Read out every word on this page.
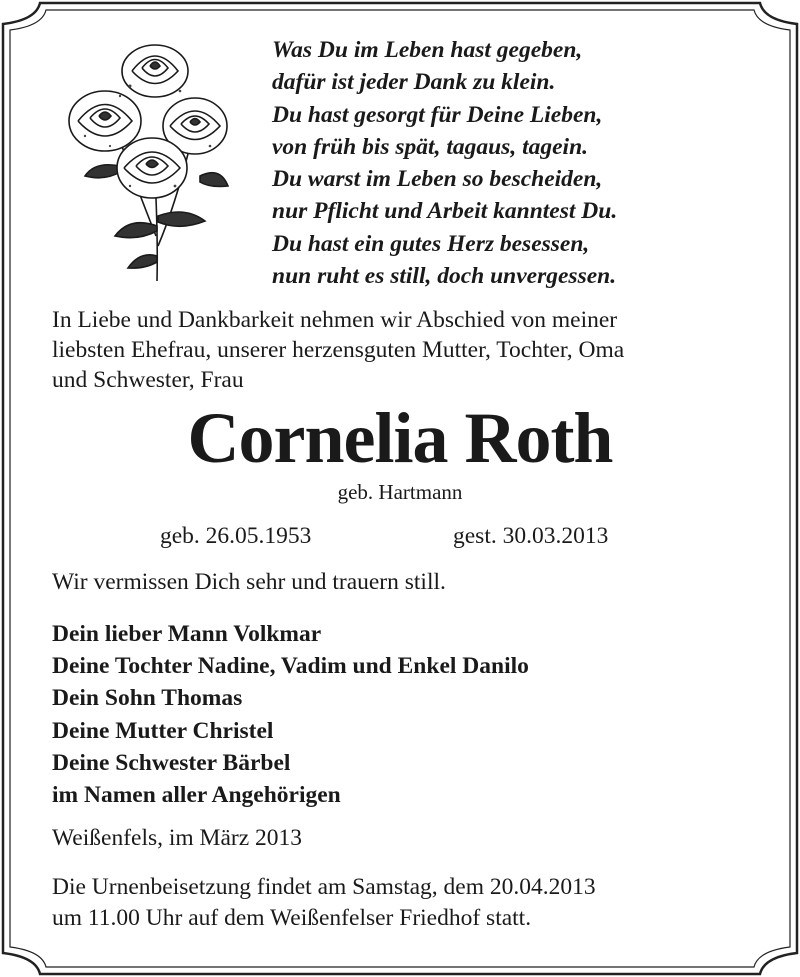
Was Du im Leben hast gegeben,
dafür ist jeder Dank zu klein.
Du hast gesorgt für Deine Lieben,
von früh bis spät, tagaus, tagein.
Du warst im Leben so bescheiden,
nur Pflicht und Arbeit kanntest Du.
Du hast ein gutes Herz besessen,
nun ruht es still, doch unvergessen.
In Liebe und Dankbarkeit nehmen wir Abschied von meiner
liebsten Ehefrau, unserer herzensguten Mutter, Tochter, Oma
und Schwester, Frau
Cornelia Roth
geb. Hartmann
geb. 26.05.1953	gest. 30.03.2013
Wir vermissen Dich sehr und trauern still.
Dein lieber Mann Volkmar
Deine Tochter Nadine, Vadim und Enkel Danilo
Dein Sohn Thomas
Deine Mutter Christel
Deine Schwester Bärbel
im Namen aller Angehörigen
Weißenfels, im März 2013
Die Urnenbeisetzung findet am Samstag, dem 20.04.2013
um 11.00 Uhr auf dem Weißenfelser Friedhof statt.
